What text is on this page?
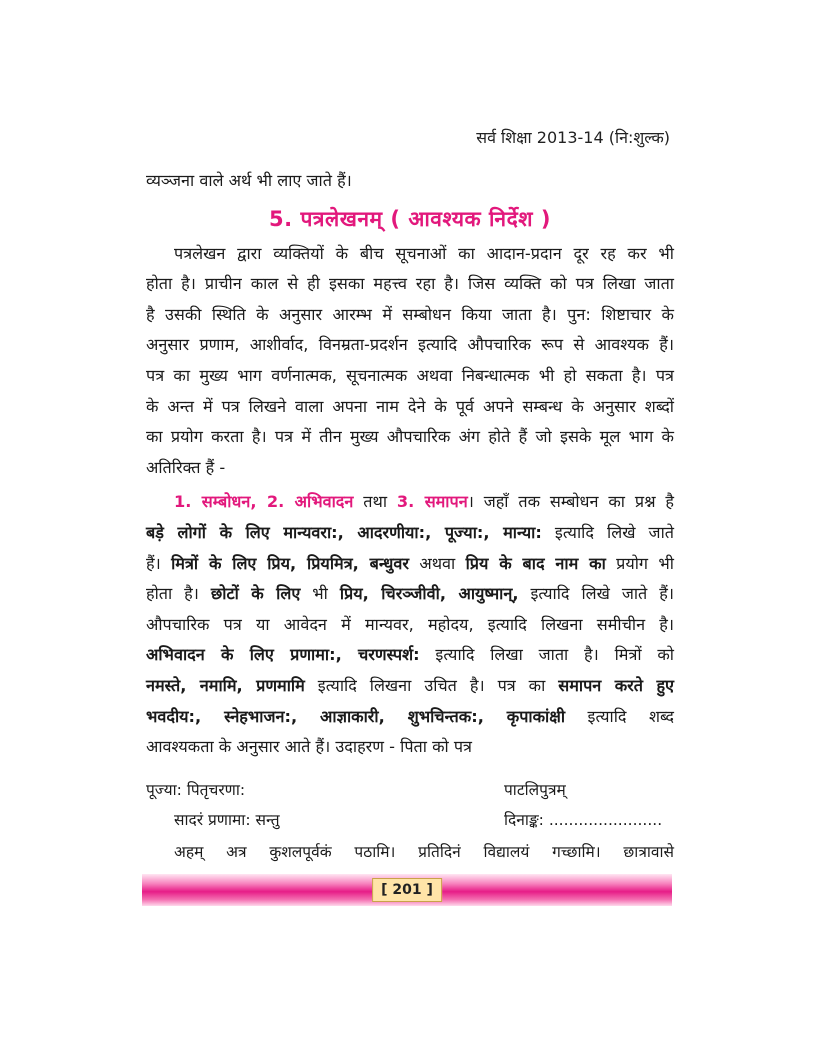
सर्व शिक्षा 2013-14 (नि:शुल्क)
व्यञ्जना वाले अर्थ भी लाए जाते हैं।
5. पत्रलेखनम् ( आवश्यक निर्देश )
पत्रलेखन द्वारा व्यक्तियों के बीच सूचनाओं का आदान-प्रदान दूर रह कर भी
होता है। प्राचीन काल से ही इसका महत्त्व रहा है। जिस व्यक्ति को पत्र लिखा जाता
है उसकी स्थिति के अनुसार आरम्भ में सम्बोधन किया जाता है। पुन: शिष्टाचार के
अनुसार प्रणाम, आशीर्वाद, विनम्रता-प्रदर्शन इत्यादि औपचारिक रूप से आवश्यक हैं।
पत्र का मुख्य भाग वर्णनात्मक, सूचनात्मक अथवा निबन्धात्मक भी हो सकता है। पत्र
के अन्त में पत्र लिखने वाला अपना नाम देने के पूर्व अपने सम्बन्ध के अनुसार शब्दों
का प्रयोग करता है। पत्र में तीन मुख्य औपचारिक अंग होते हैं जो इसके मूल भाग के
अतिरिक्त हैं -
1. सम्बोधन, 2. अभिवादन तथा 3. समापन। जहाँ तक सम्बोधन का प्रश्न है
बड़े लोगों के लिए मान्यवरा:, आदरणीया:, पूज्या:, मान्या: इत्यादि लिखे जाते
हैं। मित्रों के लिए प्रिय, प्रियमित्र, बन्धुवर अथवा प्रिय के बाद नाम का प्रयोग भी
होता है। छोटों के लिए भी प्रिय, चिरञ्जीवी, आयुष्मान्, इत्यादि लिखे जाते हैं।
औपचारिक पत्र या आवेदन में मान्यवर, महोदय, इत्यादि लिखना समीचीन है।
अभिवादन के लिए प्रणामा:, चरणस्पर्श: इत्यादि लिखा जाता है। मित्रों को
नमस्ते, नमामि, प्रणमामि इत्यादि लिखना उचित है। पत्र का समापन करते हुए
भवदीय:, स्नेहभाजन:, आज्ञाकारी, शुभचिन्तक:, कृपाकांक्षी इत्यादि शब्द
आवश्यकता के अनुसार आते हैं। उदाहरण - पिता को पत्र
पूज्या: पितृचरणा:	पाटलिपुत्रम्
सादरं प्रणामा: सन्तु	दिनाङ्क: .......................
अहम् अत्र कुशलपूर्वकं पठामि। प्रतिदिनं विद्यालयं गच्छामि। छात्रावासे
[ 201 ]
